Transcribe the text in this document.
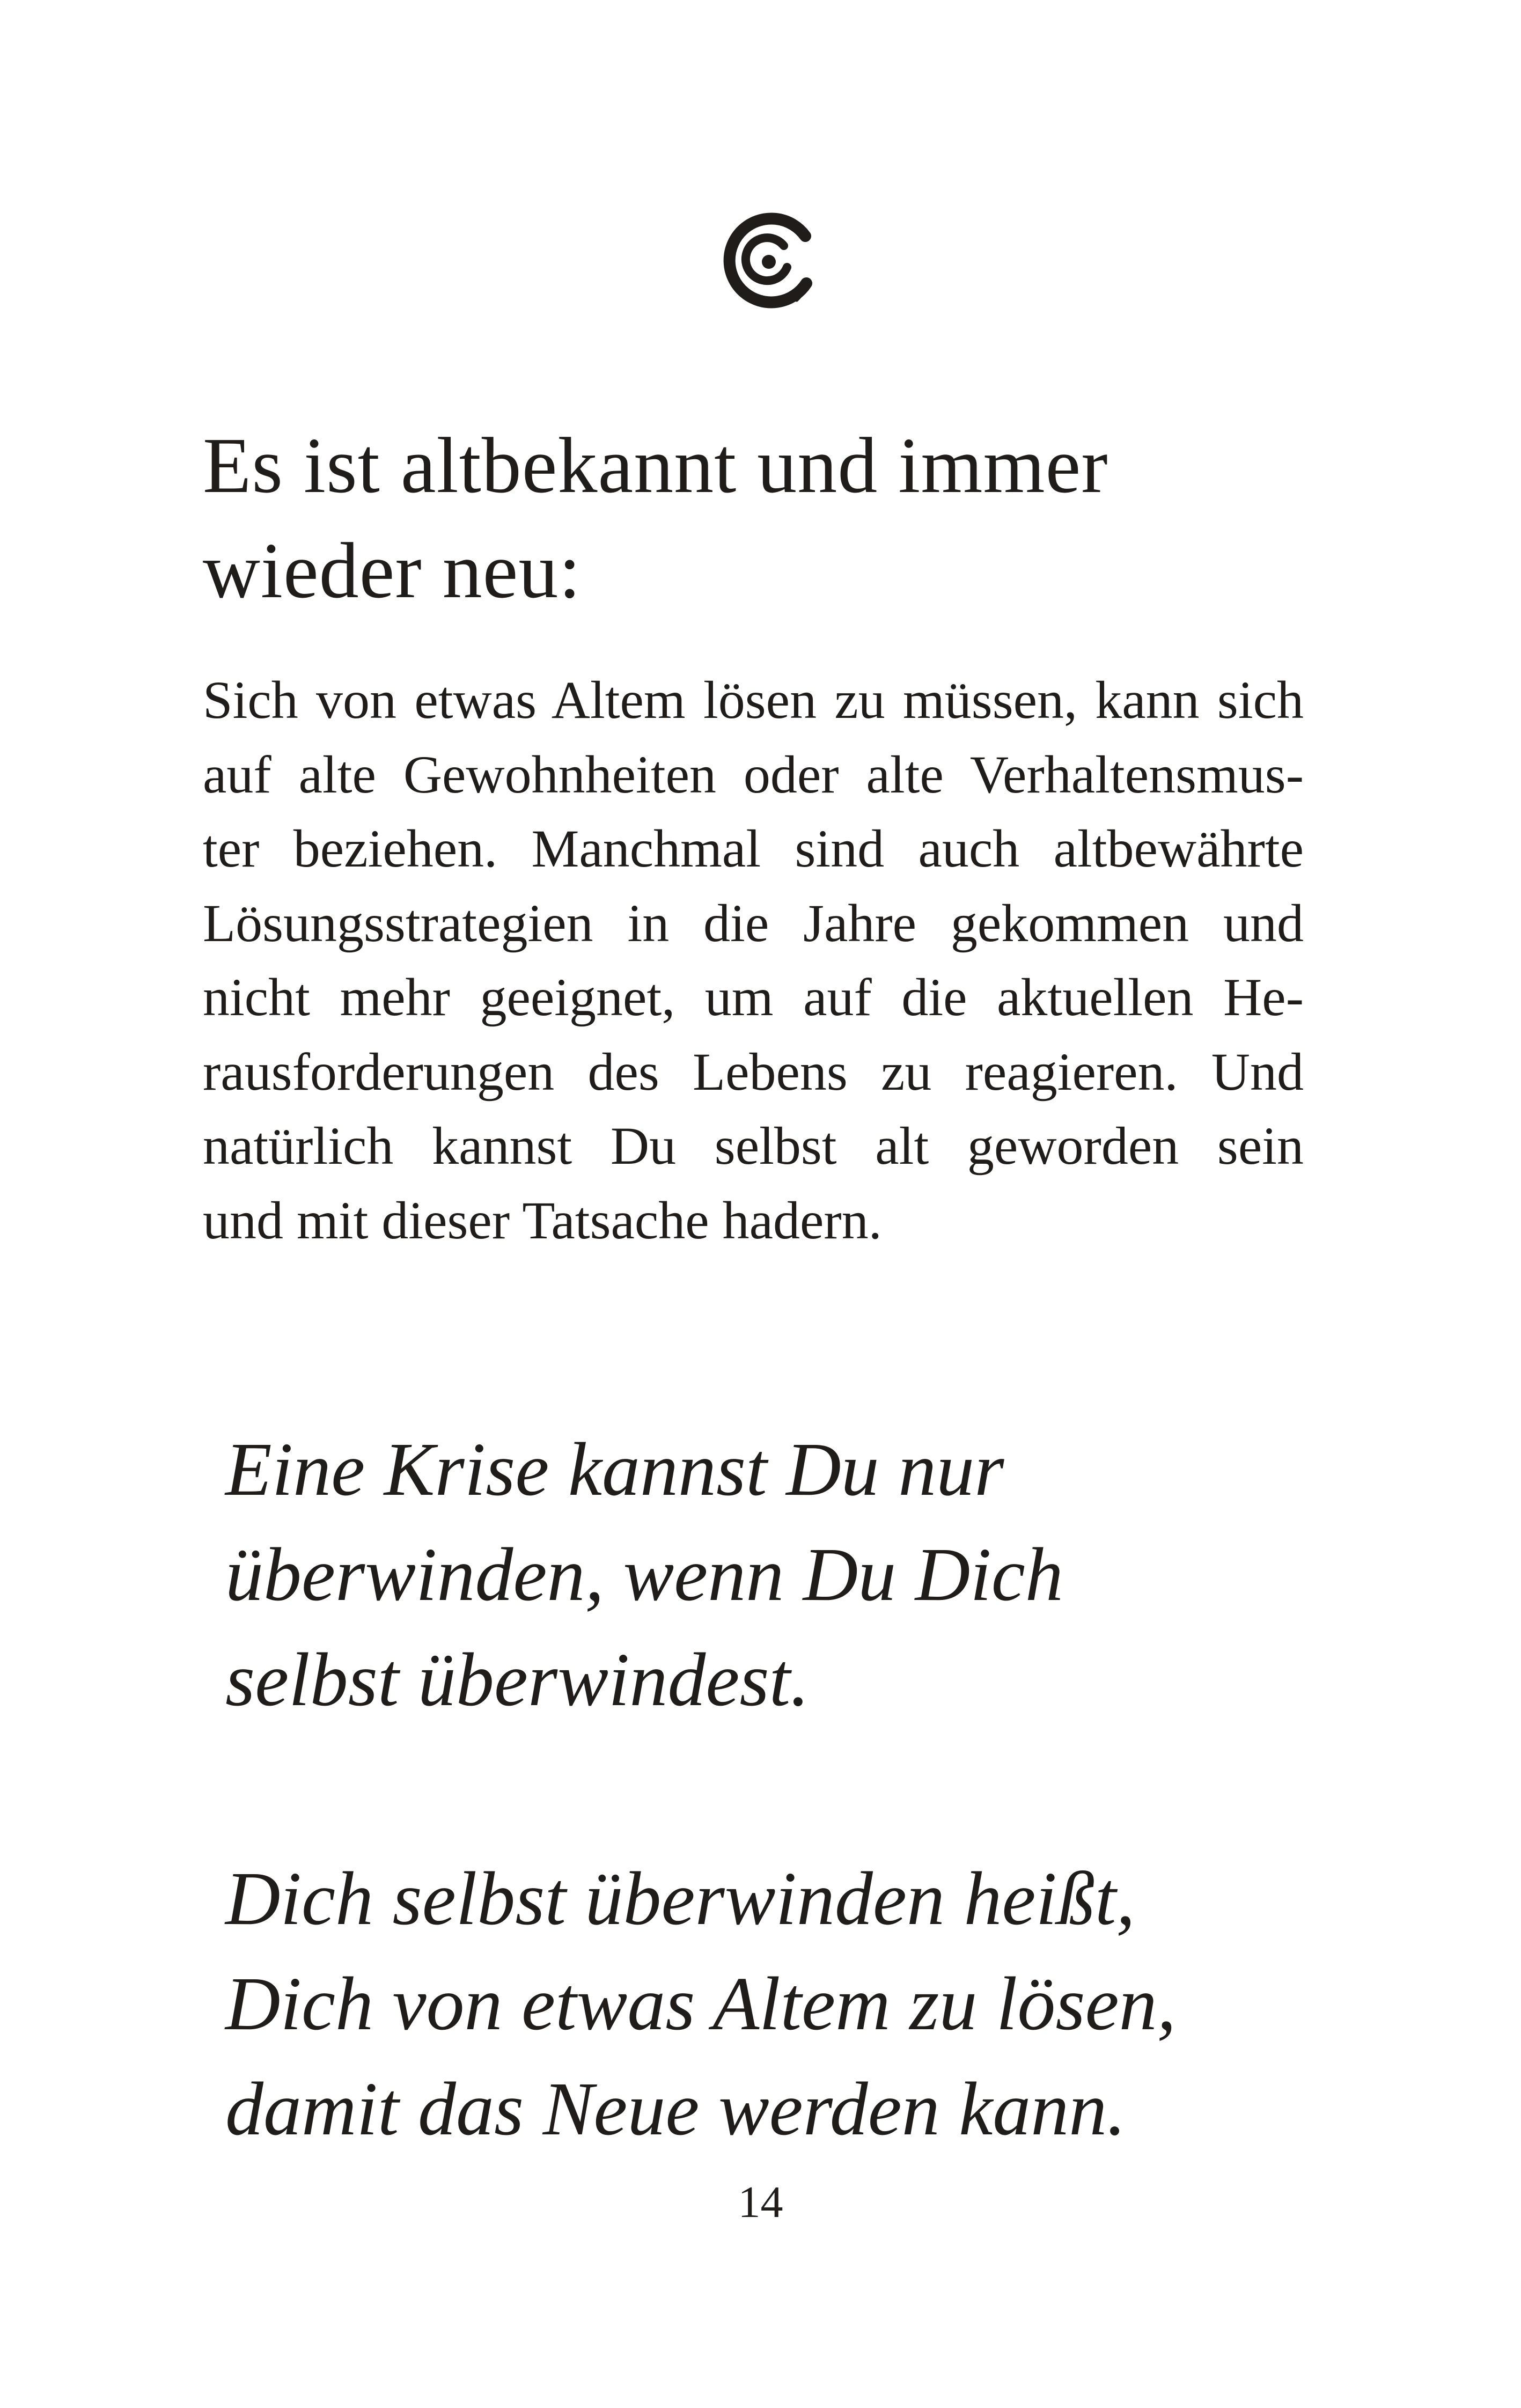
Es ist altbekannt und immer
wieder neu:

Sich von etwas Altem lösen zu müssen, kann sich
auf alte Gewohnheiten oder alte Verhaltensmus-
ter beziehen. Manchmal sind auch altbewährte
Lösungsstrategien in die Jahre gekommen und
nicht mehr geeignet, um auf die aktuellen He-
rausforderungen des Lebens zu reagieren. Und
natürlich kannst Du selbst alt geworden sein
und mit dieser Tatsache hadern.

Eine Krise kannst Du nur
überwinden, wenn Du Dich
selbst überwindest.

Dich selbst überwinden heißt,
Dich von etwas Altem zu lösen,
damit das Neue werden kann.

14
